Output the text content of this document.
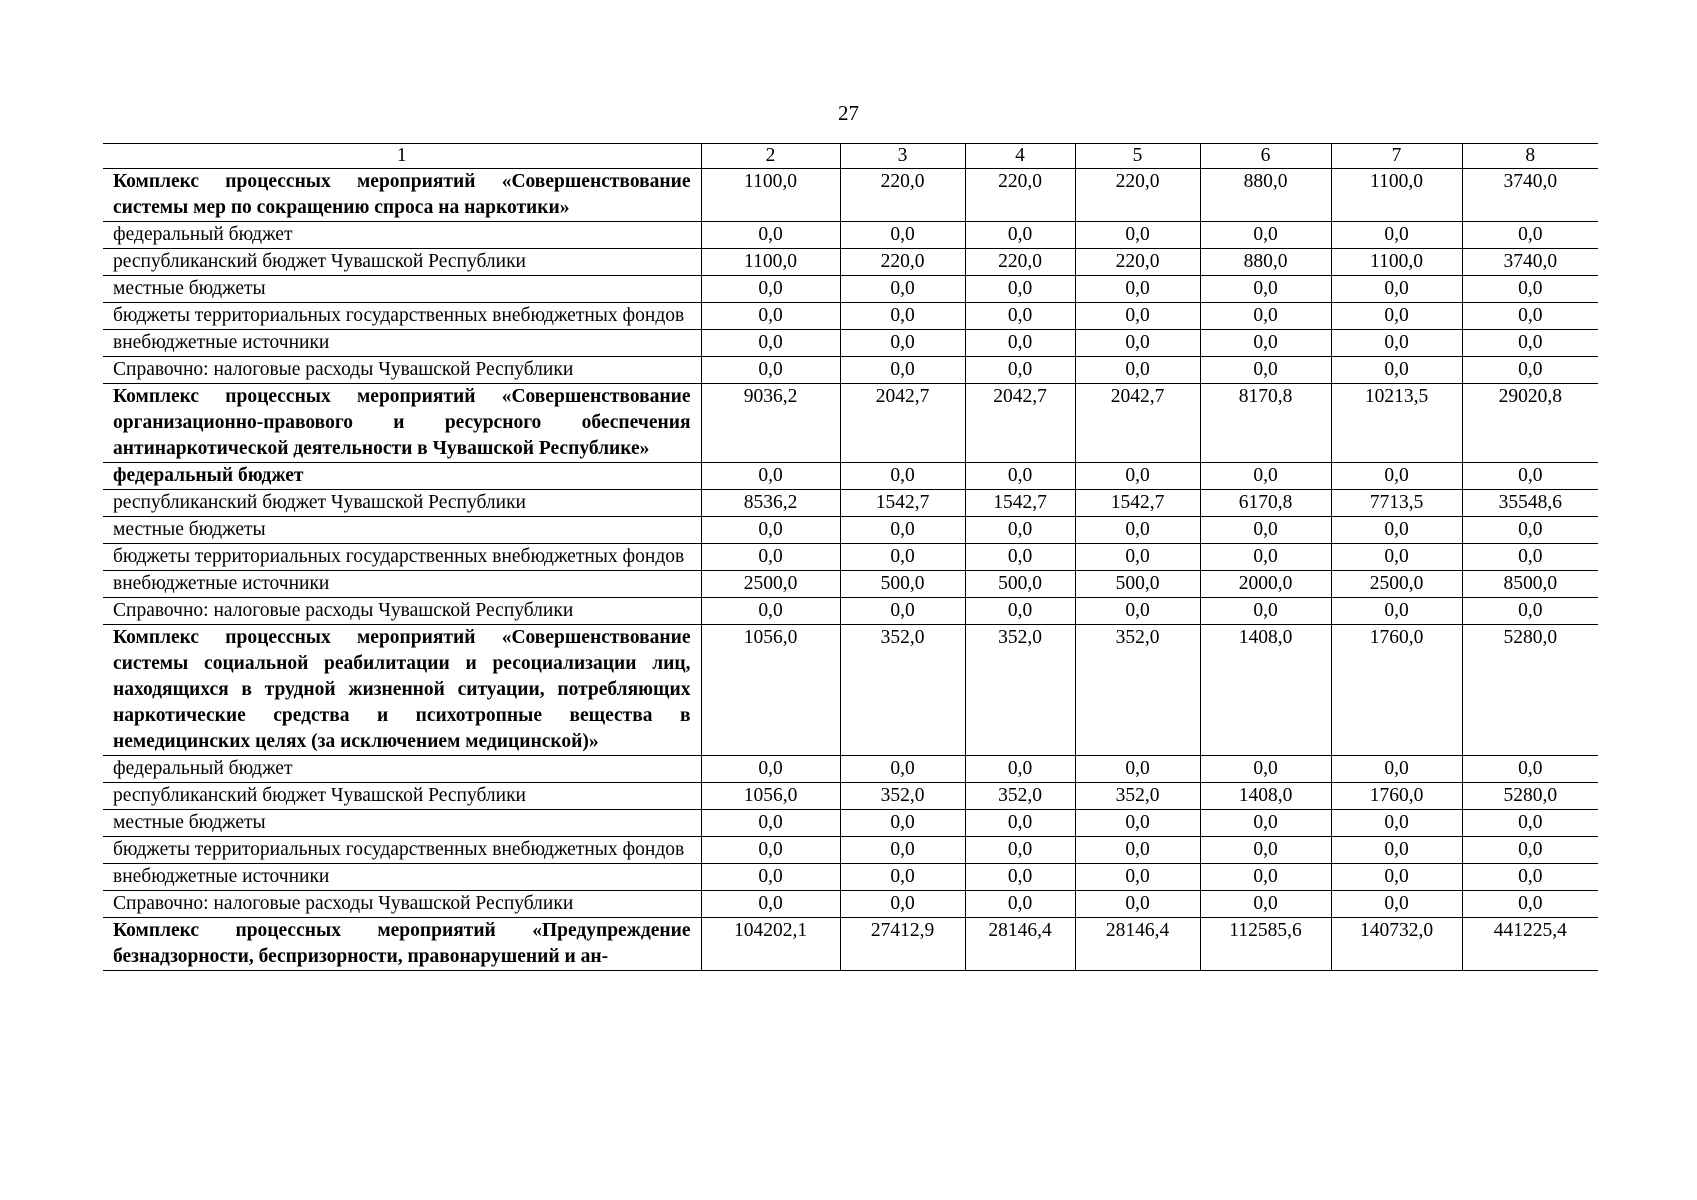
27
1	2	3	4	5	6	7	8
Комплекс процессных мероприятий «Совершенствование системы мер по сокращению спроса на наркотики»	1100,0	220,0	220,0	220,0	880,0	1100,0	3740,0
федеральный бюджет	0,0	0,0	0,0	0,0	0,0	0,0	0,0
республиканский бюджет Чувашской Республики	1100,0	220,0	220,0	220,0	880,0	1100,0	3740,0
местные бюджеты	0,0	0,0	0,0	0,0	0,0	0,0	0,0
бюджеты территориальных государственных внебюджетных фондов	0,0	0,0	0,0	0,0	0,0	0,0	0,0
внебюджетные источники	0,0	0,0	0,0	0,0	0,0	0,0	0,0
Справочно: налоговые расходы Чувашской Республики	0,0	0,0	0,0	0,0	0,0	0,0	0,0
Комплекс процессных мероприятий «Совершенствование организационно-правового и ресурсного обеспечения антинаркотической деятельности в Чувашской Республике»	9036,2	2042,7	2042,7	2042,7	8170,8	10213,5	29020,8
федеральный бюджет	0,0	0,0	0,0	0,0	0,0	0,0	0,0
республиканский бюджет Чувашской Республики	8536,2	1542,7	1542,7	1542,7	6170,8	7713,5	35548,6
местные бюджеты	0,0	0,0	0,0	0,0	0,0	0,0	0,0
бюджеты территориальных государственных внебюджетных фондов	0,0	0,0	0,0	0,0	0,0	0,0	0,0
внебюджетные источники	2500,0	500,0	500,0	500,0	2000,0	2500,0	8500,0
Справочно: налоговые расходы Чувашской Республики	0,0	0,0	0,0	0,0	0,0	0,0	0,0
Комплекс процессных мероприятий «Совершенствование системы социальной реабилитации и ресоциализации лиц, находящихся в трудной жизненной ситуации, потребляющих наркотические средства и психотропные вещества в немедицинских целях (за исключением медицинской)»	1056,0	352,0	352,0	352,0	1408,0	1760,0	5280,0
федеральный бюджет	0,0	0,0	0,0	0,0	0,0	0,0	0,0
республиканский бюджет Чувашской Республики	1056,0	352,0	352,0	352,0	1408,0	1760,0	5280,0
местные бюджеты	0,0	0,0	0,0	0,0	0,0	0,0	0,0
бюджеты территориальных государственных внебюджетных фондов	0,0	0,0	0,0	0,0	0,0	0,0	0,0
внебюджетные источники	0,0	0,0	0,0	0,0	0,0	0,0	0,0
Справочно: налоговые расходы Чувашской Республики	0,0	0,0	0,0	0,0	0,0	0,0	0,0
Комплекс процессных мероприятий «Предупреждение безнадзорности, беспризорности, правонарушений и ан-	104202,1	27412,9	28146,4	28146,4	112585,6	140732,0	441225,4
